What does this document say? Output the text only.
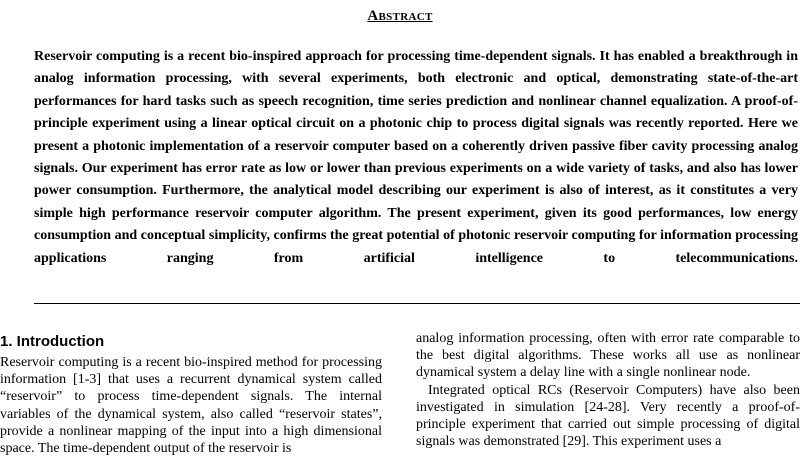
Abstract

Reservoir computing is a recent bio-inspired approach for processing time-dependent signals. It has enabled a breakthrough in analog information processing, with several experiments, both electronic and optical, demonstrating state-of-the-art performances for hard tasks such as speech recognition, time series prediction and nonlinear channel equalization. A proof-of-principle experiment using a linear optical circuit on a photonic chip to process digital signals was recently reported. Here we present a photonic implementation of a reservoir computer based on a coherently driven passive fiber cavity processing analog signals. Our experiment has error rate as low or lower than previous experiments on a wide variety of tasks, and also has lower power consumption. Furthermore, the analytical model describing our experiment is also of interest, as it constitutes a very simple high performance reservoir computer algorithm. The present experiment, given its good performances, low energy consumption and conceptual simplicity, confirms the great potential of photonic reservoir computing for information processing applications ranging from artificial intelligence to telecommunications.

1. Introduction

Reservoir computing is a recent bio-inspired method for processing information [1-3] that uses a recurrent dynamical system called “reservoir” to process time-dependent signals. The internal variables of the dynamical system, also called “reservoir states”, provide a nonlinear mapping of the input into a high dimensional space. The time-dependent output of the reservoir is

analog information processing, often with error rate comparable to the best digital algorithms. These works all use as nonlinear dynamical system a delay line with a single nonlinear node.

Integrated optical RCs (Reservoir Computers) have also been investigated in simulation [24-28]. Very recently a proof-of-principle experiment that carried out simple processing of digital signals was demonstrated [29]. This experiment uses a
